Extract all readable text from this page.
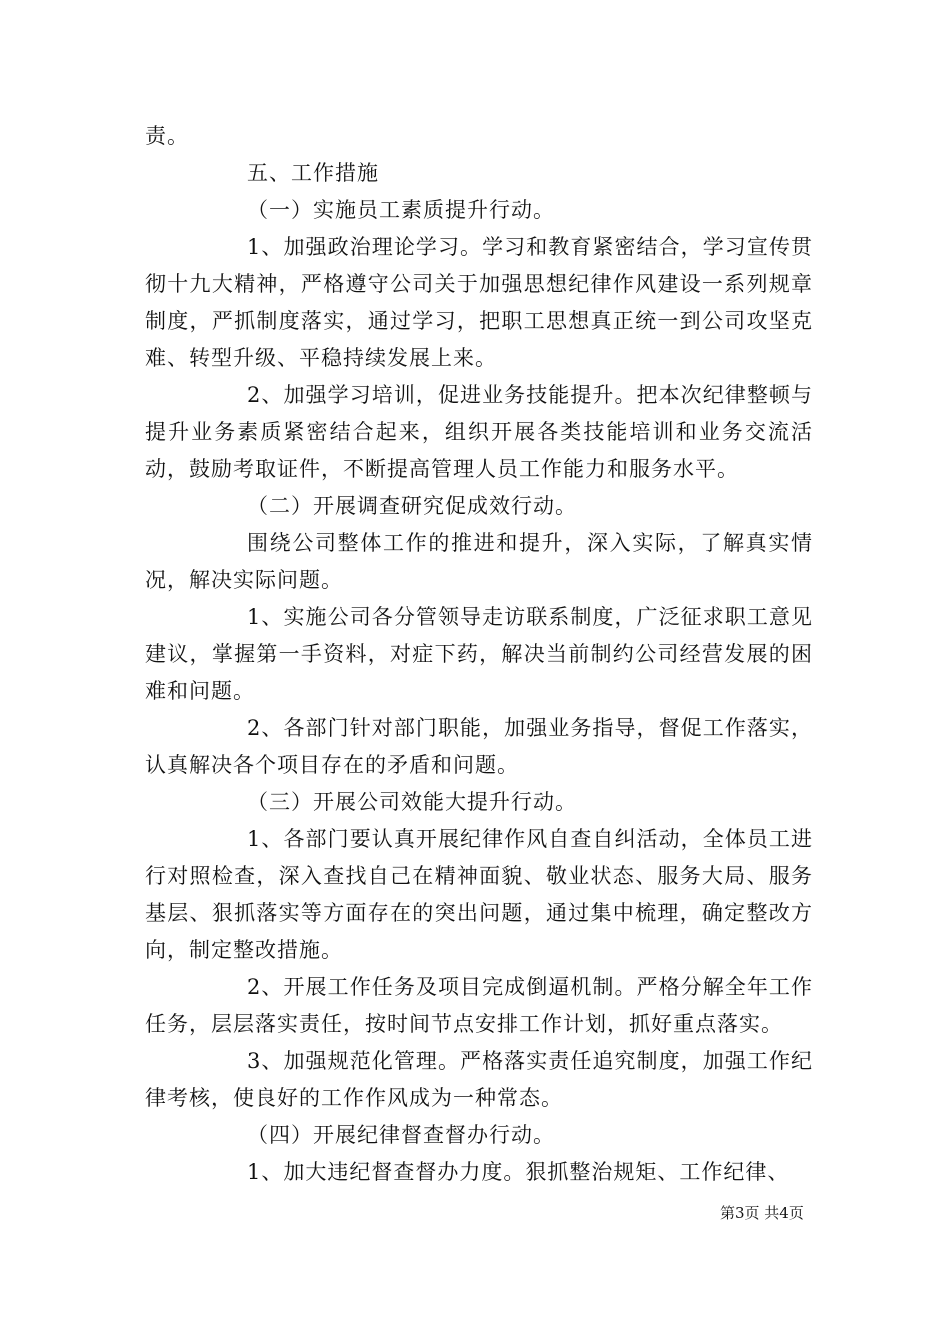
责。

五、工作措施

（一）实施员工素质提升行动。

1、加强政治理论学习。学习和教育紧密结合，学习宣传贯彻十九大精神，严格遵守公司关于加强思想纪律作风建设一系列规章制度，严抓制度落实，通过学习，把职工思想真正统一到公司攻坚克难、转型升级、平稳持续发展上来。

2、加强学习培训，促进业务技能提升。把本次纪律整顿与提升业务素质紧密结合起来，组织开展各类技能培训和业务交流活动，鼓励考取证件，不断提高管理人员工作能力和服务水平。

（二）开展调查研究促成效行动。

围绕公司整体工作的推进和提升，深入实际，了解真实情况，解决实际问题。

1、实施公司各分管领导走访联系制度，广泛征求职工意见建议，掌握第一手资料，对症下药，解决当前制约公司经营发展的困难和问题。

2、各部门针对部门职能，加强业务指导，督促工作落实，认真解决各个项目存在的矛盾和问题。

（三）开展公司效能大提升行动。

1、各部门要认真开展纪律作风自查自纠活动，全体员工进行对照检查，深入查找自己在精神面貌、敬业状态、服务大局、服务基层、狠抓落实等方面存在的突出问题，通过集中梳理，确定整改方向，制定整改措施。

2、开展工作任务及项目完成倒逼机制。严格分解全年工作任务，层层落实责任，按时间节点安排工作计划，抓好重点落实。

3、加强规范化管理。严格落实责任追究制度，加强工作纪律考核，使良好的工作作风成为一种常态。

（四）开展纪律督查督办行动。

1、加大违纪督查督办力度。狠抓整治规矩、工作纪律、

第3页 共4页
